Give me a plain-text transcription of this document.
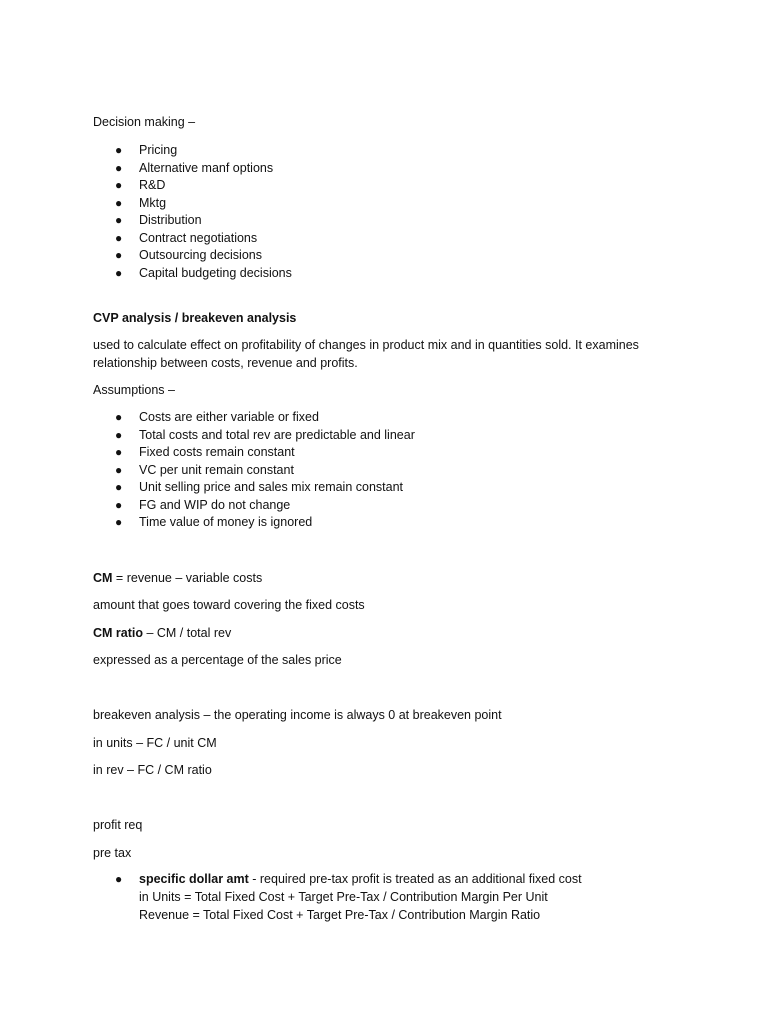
Decision making –

● Pricing
● Alternative manf options
● R&D
● Mktg
● Distribution
● Contract negotiations
● Outsourcing decisions
● Capital budgeting decisions

CVP analysis / breakeven analysis

used to calculate effect on profitability of changes in product mix and in quantities sold. It examines relationship between costs, revenue and profits.

Assumptions –

● Costs are either variable or fixed
● Total costs and total rev are predictable and linear
● Fixed costs remain constant
● VC per unit remain constant
● Unit selling price and sales mix remain constant
● FG and WIP do not change
● Time value of money is ignored

CM = revenue – variable costs

amount that goes toward covering the fixed costs

CM ratio – CM / total rev

expressed as a percentage of the sales price

breakeven analysis – the operating income is always 0 at breakeven point

in units – FC / unit CM

in rev – FC / CM ratio

profit req

pre tax

● specific dollar amt - required pre-tax profit is treated as an additional fixed cost
in Units = Total Fixed Cost + Target Pre-Tax / Contribution Margin Per Unit
Revenue = Total Fixed Cost + Target Pre-Tax / Contribution Margin Ratio
